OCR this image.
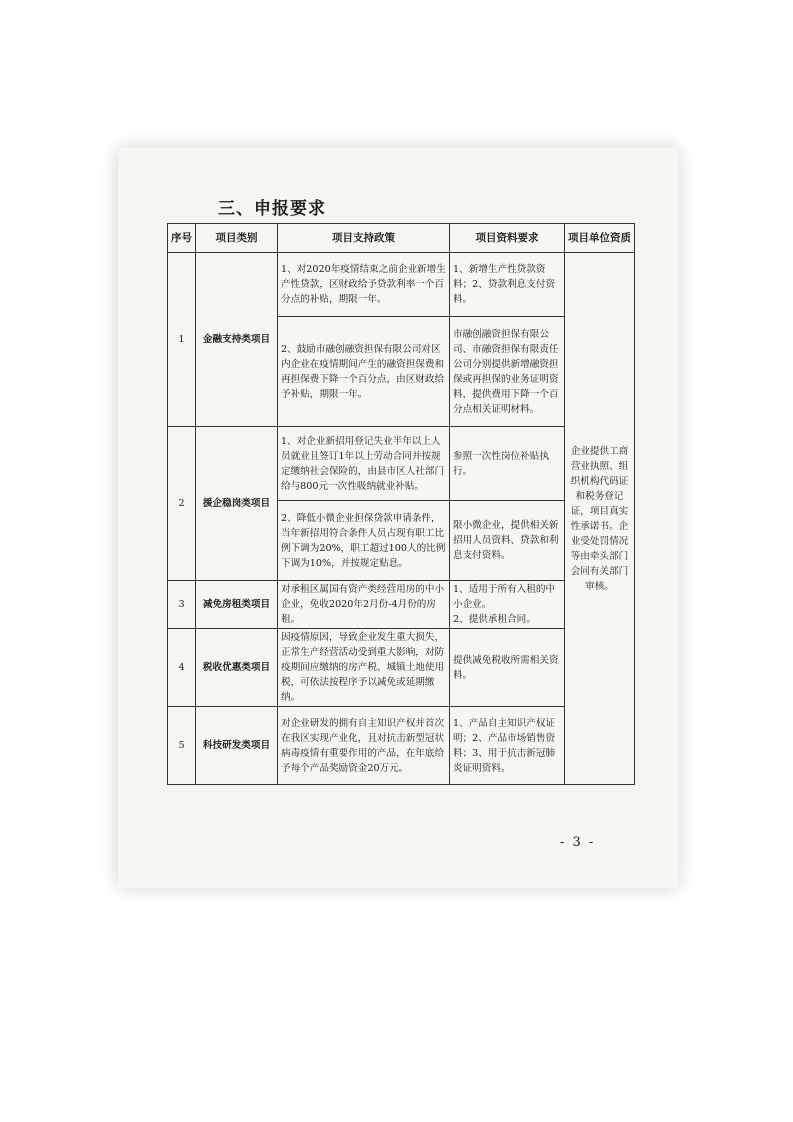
三、申报要求
序号	项目类别	项目支持政策	项目资料要求	项目单位资质
1	金融支持类项目	1、对2020年疫情结束之前企业新增生产性贷款，区财政给予贷款利率一个百分点的补贴，期限一年。	1、新增生产性贷款资料；2、贷款利息支付资料。	企业提供工商营业执照、组织机构代码证和税务登记证，项目真实性承诺书。企业受处罚情况等由牵头部门会同有关部门审核。
		2、鼓励市融创融资担保有限公司对区内企业在疫情期间产生的融资担保费和再担保费下降一个百分点，由区财政给予补贴，期限一年。	市融创融资担保有限公司、市融资担保有限责任公司分别提供新增融资担保或再担保的业务证明资料，提供费用下降一个百分点相关证明材料。	
2	援企稳岗类项目	1、对企业新招用登记失业半年以上人员就业且签订1年以上劳动合同并按规定缴纳社会保险的，由县市区人社部门给与800元一次性吸纳就业补贴。	参照一次性岗位补贴执行。	
		2、降低小微企业担保贷款申请条件，当年新招用符合条件人员占现有职工比例下调为20%，职工超过100人的比例下调为10%，并按规定贴息。	限小微企业，提供相关新招用人员资料、贷款和利息支付资料。	
3	减免房租类项目	对承租区属国有资产类经营用房的中小企业，免收2020年2月份-4月份的房租。	1、适用于所有入租的中小企业。
2、提供承租合同。	
4	税收优惠类项目	因疫情原因，导致企业发生重大损失，正常生产经营活动受到重大影响，对防疫期间应缴纳的房产税、城镇土地使用税，可依法按程序予以减免或延期缴纳。	提供减免税收所需相关资料。	
5	科技研发类项目	对企业研发的拥有自主知识产权并首次在我区实现产业化，且对抗击新型冠状病毒疫情有重要作用的产品，在年底给予每个产品奖励资金20万元。	1、产品自主知识产权证明；2、产品市场销售资料；3、用于抗击新冠肺炎证明资料。	
- 3 -
